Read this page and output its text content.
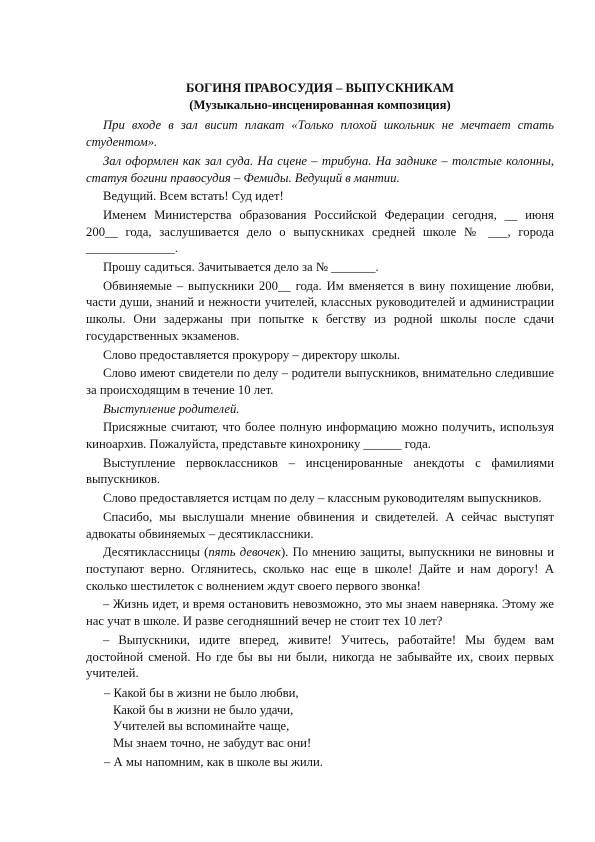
БОГИНЯ ПРАВОСУДИЯ – ВЫПУСКНИКАМ
(Музыкально-инсценированная композиция)

При входе в зал висит плакат «Только плохой школьник не мечтает стать студентом».

Зал оформлен как зал суда. На сцене – трибуна. На заднике – толстые колонны, статуя богини правосудия – Фемиды. Ведущий в мантии.

Ведущий. Всем встать! Суд идет!

Именем Министерства образования Российской Федерации сегодня, __ июня 200__ года, заслушивается дело о выпускниках средней школе № ___, города ______________.

Прошу садиться. Зачитывается дело за № _______.

Обвиняемые – выпускники 200__ года. Им вменяется в вину похищение любви, части души, знаний и нежности учителей, классных руководителей и администрации школы. Они задержаны при попытке к бегству из родной школы после сдачи государственных экзаменов.

Слово предоставляется прокурору – директору школы.

Слово имеют свидетели по делу – родители выпускников, внимательно следившие за происходящим в течение 10 лет.

Выступление родителей.

Присяжные считают, что более полную информацию можно получить, используя киноархив. Пожалуйста, представьте кинохронику ______ года.

Выступление первоклассников – инсценированные анекдоты с фамилиями выпускников.

Слово предоставляется истцам по делу – классным руководителям выпускников.

Спасибо, мы выслушали мнение обвинения и свидетелей. А сейчас выступят адвокаты обвиняемых – десятиклассники.

Десятиклассницы (пять девочек). По мнению защиты, выпускники не виновны и поступают верно. Оглянитесь, сколько нас еще в школе! Дайте и нам дорогу! А сколько шестилеток с волнением ждут своего первого звонка!

– Жизнь идет, и время остановить невозможно, это мы знаем наверняка. Этому же нас учат в школе. И разве сегодняшний вечер не стоит тех 10 лет?

– Выпускники, идите вперед, живите! Учитесь, работайте! Мы будем вам достойной сменой. Но где бы вы ни были, никогда не забывайте их, своих первых учителей.

– Какой бы в жизни не было любви,
Какой бы в жизни не было удачи,
Учителей вы вспоминайте чаще,
Мы знаем точно, не забудут вас они!

– А мы напомним, как в школе вы жили.
